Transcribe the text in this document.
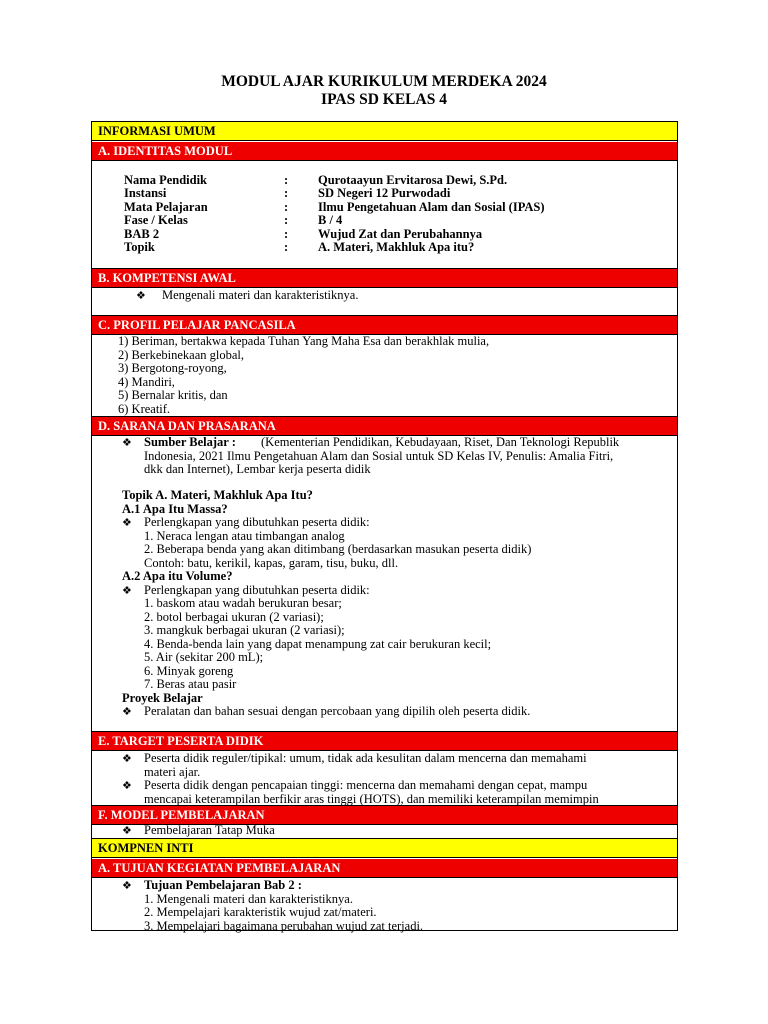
MODUL AJAR KURIKULUM MERDEKA 2024
IPAS SD KELAS 4
INFORMASI UMUM
A. IDENTITAS MODUL
Nama Pendidik	: Qurotaayun Ervitarosa Dewi, S.Pd.
Instansi	: SD Negeri 12 Purwodadi
Mata Pelajaran	: Ilmu Pengetahuan Alam dan Sosial (IPAS)
Fase / Kelas	: B / 4
BAB 2	: Wujud Zat dan Perubahannya
Topik	: A. Materi, Makhluk Apa itu?
B. KOMPETENSI AWAL
❖ Mengenali materi dan karakteristiknya.
C. PROFIL PELAJAR PANCASILA
1) Beriman, bertakwa kepada Tuhan Yang Maha Esa dan berakhlak mulia,
2) Berkebinekaan global,
3) Bergotong-royong,
4) Mandiri,
5) Bernalar kritis, dan
6) Kreatif.
D. SARANA DAN PRASARANA
❖ Sumber Belajar : (Kementerian Pendidikan, Kebudayaan, Riset, Dan Teknologi Republik
Indonesia, 2021 Ilmu Pengetahuan Alam dan Sosial untuk SD Kelas IV, Penulis: Amalia Fitri,
dkk dan Internet), Lembar kerja peserta didik
Topik A. Materi, Makhluk Apa Itu?
A.1 Apa Itu Massa?
❖ Perlengkapan yang dibutuhkan peserta didik:
1. Neraca lengan atau timbangan analog
2. Beberapa benda yang akan ditimbang (berdasarkan masukan peserta didik)
Contoh: batu, kerikil, kapas, garam, tisu, buku, dll.
A.2 Apa itu Volume?
❖ Perlengkapan yang dibutuhkan peserta didik:
1. baskom atau wadah berukuran besar;
2. botol berbagai ukuran (2 variasi);
3. mangkuk berbagai ukuran (2 variasi);
4. Benda-benda lain yang dapat menampung zat cair berukuran kecil;
5. Air (sekitar 200 mL);
6. Minyak goreng
7. Beras atau pasir
Proyek Belajar
❖ Peralatan dan bahan sesuai dengan percobaan yang dipilih oleh peserta didik.
E. TARGET PESERTA DIDIK
❖ Peserta didik reguler/tipikal: umum, tidak ada kesulitan dalam mencerna dan memahami
materi ajar.
❖ Peserta didik dengan pencapaian tinggi: mencerna dan memahami dengan cepat, mampu
mencapai keterampilan berfikir aras tinggi (HOTS), dan memiliki keterampilan memimpin
F. MODEL PEMBELAJARAN
❖ Pembelajaran Tatap Muka
KOMPNEN INTI
A. TUJUAN KEGIATAN PEMBELAJARAN
❖ Tujuan Pembelajaran Bab 2 :
1. Mengenali materi dan karakteristiknya.
2. Mempelajari karakteristik wujud zat/materi.
3. Mempelajari bagaimana perubahan wujud zat terjadi.
